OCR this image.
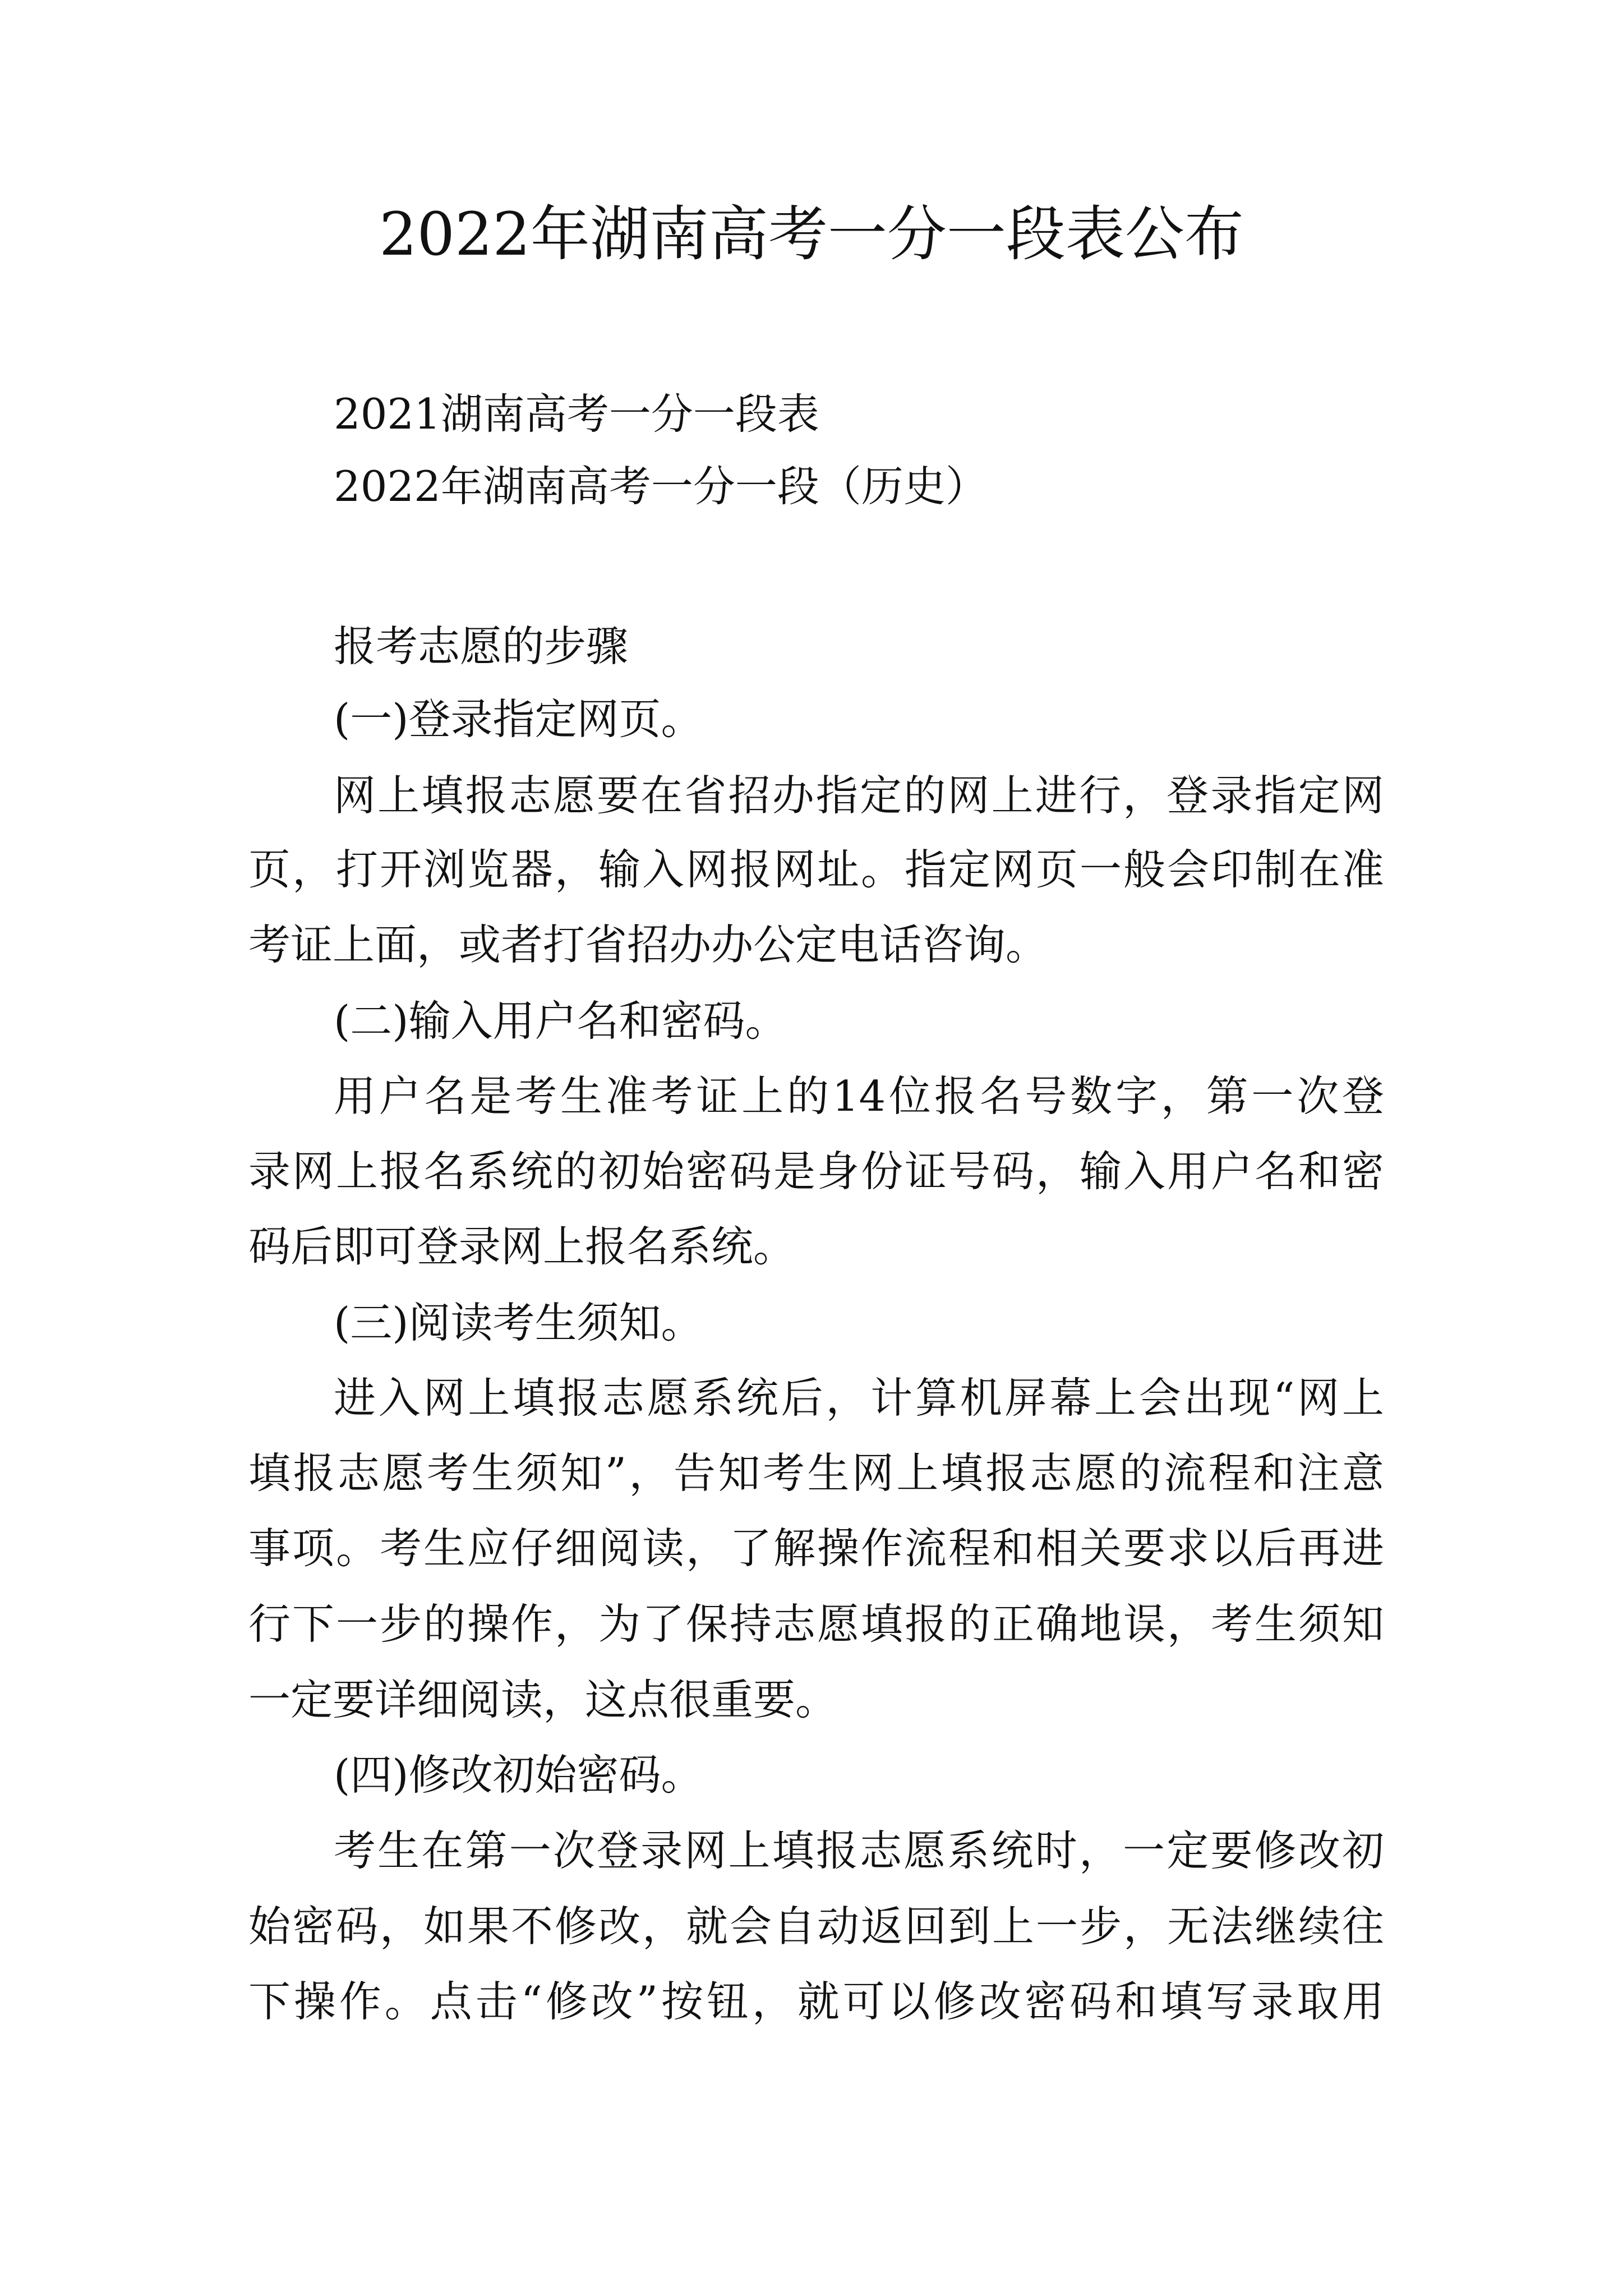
2022年湖南高考一分一段表公布

2021湖南高考一分一段表

2022年湖南高考一分一段（历史）

报考志愿的步骤

(一)登录指定网页。

网上填报志愿要在省招办指定的网上进行，登录指定网

页，打开浏览器，输入网报网址。指定网页一般会印制在准

考证上面，或者打省招办办公定电话咨询。

(二)输入用户名和密码。

用户名是考生准考证上的14位报名号数字，第一次登

录网上报名系统的初始密码是身份证号码，输入用户名和密

码后即可登录网上报名系统。

(三)阅读考生须知。

进入网上填报志愿系统后，计算机屏幕上会出现“网上

填报志愿考生须知”，告知考生网上填报志愿的流程和注意

事项。考生应仔细阅读，了解操作流程和相关要求以后再进

行下一步的操作，为了保持志愿填报的正确地误，考生须知

一定要详细阅读，这点很重要。

(四)修改初始密码。

考生在第一次登录网上填报志愿系统时，一定要修改初

始密码，如果不修改，就会自动返回到上一步，无法继续往

下操作。点击“修改”按钮，就可以修改密码和填写录取用
